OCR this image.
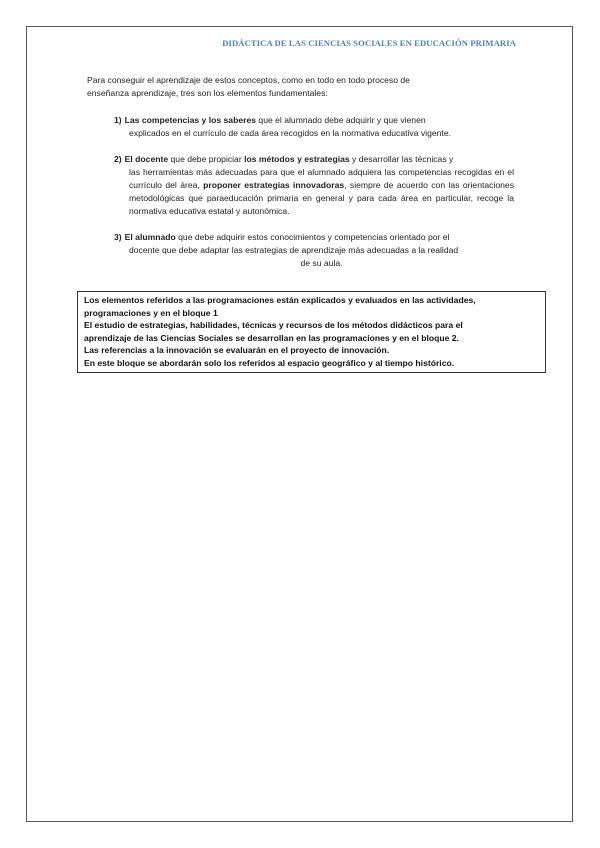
DIDÁCTICA DE LAS CIENCIAS SOCIALES EN EDUCACIÓN PRIMARIA
Para conseguir el aprendizaje de estos conceptos, como en todo en todo proceso de
enseñanza aprendizaje, tres son los elementos fundamentales:
1) Las competencias y los saberes que el alumnado debe adquirir y que vienen
explicados en el currículo de cada área recogidos en la normativa educativa vigente.
2) El docente que debe propiciar los métodos y estrategias y desarrollar las técnicas y
las herramientas más adecuadas para que el alumnado adquiera las competencias recogidas en el currículo del área, proponer estrategias innovadoras, siempre de acuerdo con las orientaciones metodológicas que paraeducación primaria en general y para cada área en particular, recoge la normativa educativa estatal y autonómica.
3) El alumnado que debe adquirir estos conocimientos y competencias orientado por el
docente que debe adaptar las estrategias de aprendizaje más adecuadas a la realidad
de su aula.

Los elementos referidos a las programaciones están explicados y evaluados en las actividades,

programaciones y en el bloque 1

El estudio de estrategias, habilidades, técnicas y recursos de los métodos didácticos para el

aprendizaje de las Ciencias Sociales se desarrollan en las programaciones y en el bloque 2.

Las referencias a la innovación se evaluarán en el proyecto de innovación.

En este bloque se abordarán solo los referidos al espacio geográfico y al tiempo histórico.
